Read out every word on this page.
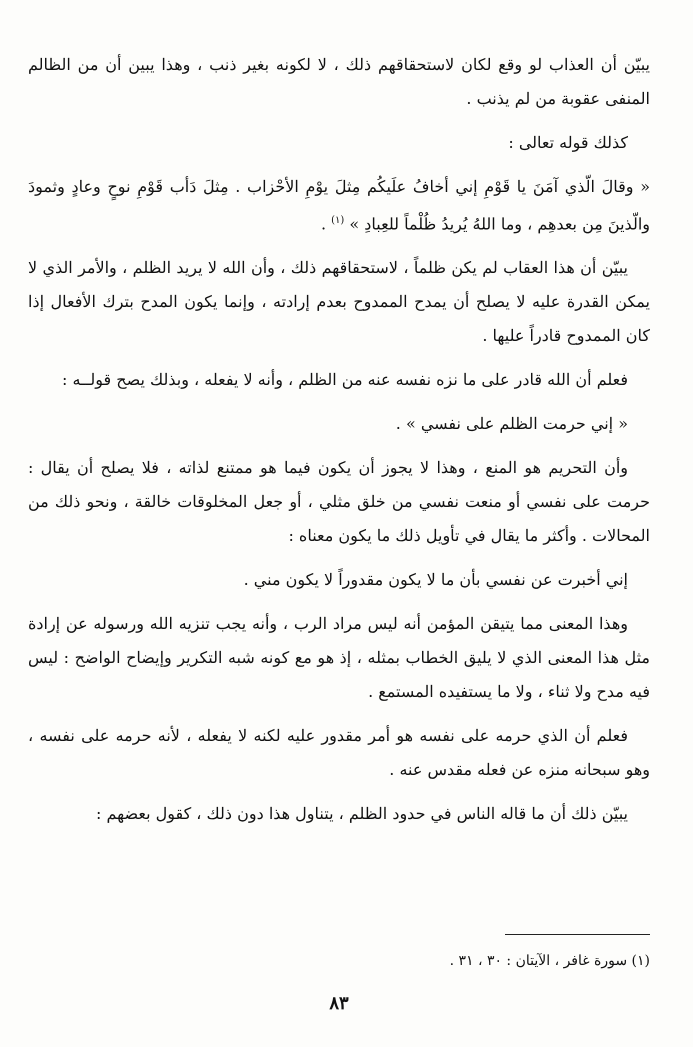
يبيّن أن العذاب لو وقع لكان لاستحقاقهم ذلك ، لا لكونه بغير ذنب ، وهذا يبين أن من الظالم المنفى عقوبة من لم يذنب .

كذلك قوله تعالى :

« وقالَ الّذي آمَنَ يا قَوْمِ إني أخافُ علَيكُم مِثلَ يوْمِ الأحْزاب . مِثلَ دَأب قَوْمِ نوحٍ وعادٍ وثمودَ والّذينَ مِن بعدهِم ، وما اللهُ يُريدُ ظُلْماً للعِبادِ » $^{(١)}$ .

يبيّن أن هذا العقاب لم يكن ظلماً ، لاستحقاقهم ذلك ، وأن الله لا يريد الظلم ، والأمر الذي لا يمكن القدرة عليه لا يصلح أن يمدح الممدوح بعدم إرادته ، وإنما يكون المدح بترك الأفعال إذا كان الممدوح قادراً عليها .

فعلم أن الله قادر على ما نزه نفسه عنه من الظلم ، وأنه لا يفعله ، وبذلك يصح قولــه :

« إني حرمت الظلم على نفسي » .

وأن التحريم هو المنع ، وهذا لا يجوز أن يكون فيما هو ممتنع لذاته ، فلا يصلح أن يقال : حرمت على نفسي أو منعت نفسي من خلق مثلي ، أو جعل المخلوقات خالقة ، ونحو ذلك من المحالات . وأكثر ما يقال في تأويل ذلك ما يكون معناه :

إني أخبرت عن نفسي بأن ما لا يكون مقدوراً لا يكون مني .

وهذا المعنى مما يتيقن المؤمن أنه ليس مراد الرب ، وأنه يجب تنزيه الله ورسوله عن إرادة مثل هذا المعنى الذي لا يليق الخطاب بمثله ، إذ هو مع كونه شبه التكرير وإيضاح الواضح : ليس فيه مدح ولا ثناء ، ولا ما يستفيده المستمع .

فعلم أن الذي حرمه على نفسه هو أمر مقدور عليه لكنه لا يفعله ، لأنه حرمه على نفسه ، وهو سبحانه منزه عن فعله مقدس عنه .

يبيّن ذلك أن ما قاله الناس في حدود الظلم ، يتناول هذا دون ذلك ، كقول بعضهم :

(١) سورة غافر ، الآيتان : ٣٠ ، ٣١ .
٨٣
